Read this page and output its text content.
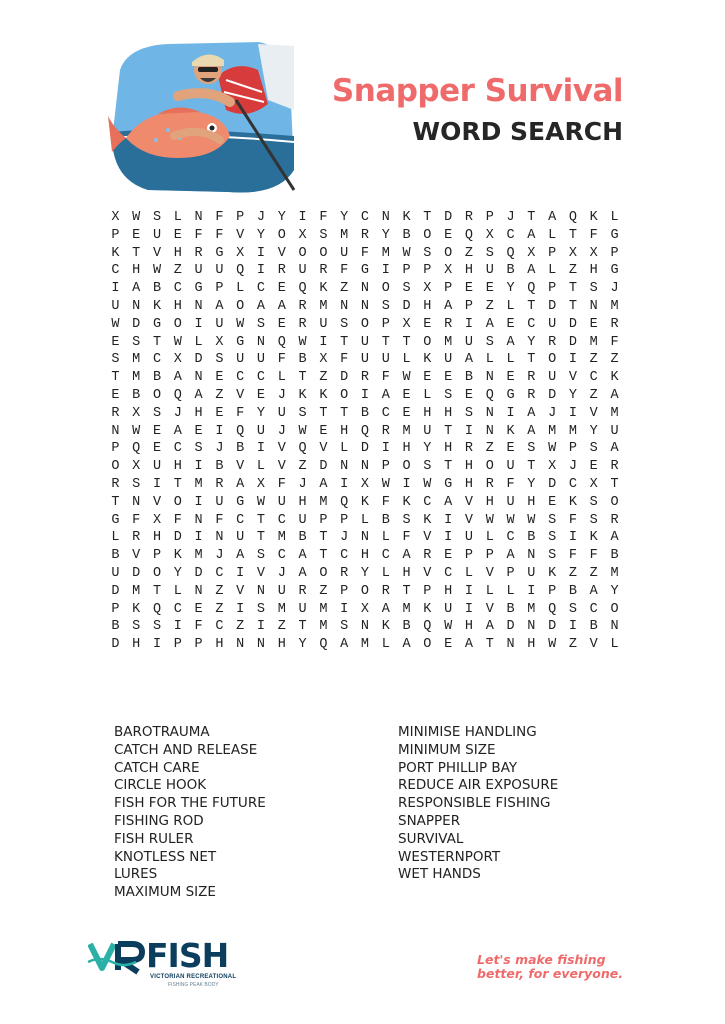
Snapper Survival
WORD SEARCH
X W S L N F P J Y I F Y C N K T D R P J T A Q K L
P E U E F F V Y O X S M R Y B O E Q X C A L T F G
K T V H R G X I V O O U F M W S O Z S Q X P X X P
C H W Z U U Q I R U R F G I P P X H U B A L Z H G
I A B C G P L C E Q K Z N O S X P E E Y Q P T S J
U N K H N A O A A R M N N S D H A P Z L T D T N M
W D G O I U W S E R U S O P X E R I A E C U D E R
E S T W L X G N Q W I T U T T O M U S A Y R D M F
S M C X D S U U F B X F U U L K U A L L T O I Z Z
T M B A N E C C L T Z D R F W E E B N E R U V C K
E B O Q A Z V E J K K O I A E L S E Q G R D Y Z A
R X S J H E F Y U S T T B C E H H S N I A J I V M
N W E A E I Q U J W E H Q R M U T I N K A M M Y U
P Q E C S J B I V Q V L D I H Y H R Z E S W P S A
O X U H I B V L V Z D N N P O S T H O U T X J E R
R S I T M R A X F J A I X W I W G H R F Y D C X T
T N V O I U G W U H M Q K F K C A V H U H E K S O
G F X F N F C T C U P P L B S K I V W W W S F S R
L R H D I N U T M B T J N L F V I U L C B S I K A
B V P K M J A S C A T C H C A R E P P A N S F F B
U D O Y D C I V J A O R Y L H V C L V P U K Z Z M
D M T L N Z V N U R Z P O R T P H I L L I P B A Y
P K Q C E Z I S M U M I X A M K U I V B M Q S C O
B S S I F C Z I Z T M S N K B Q W H A D N D I B N
D H I P P H N N H Y Q A M L A O E A T N H W Z V L
BAROTRAUMA
CATCH AND RELEASE
CATCH CARE
CIRCLE HOOK
FISH FOR THE FUTURE
FISHING ROD
FISH RULER
KNOTLESS NET
LURES
MAXIMUM SIZE
MINIMISE HANDLING
MINIMUM SIZE
PORT PHILLIP BAY
REDUCE AIR EXPOSURE
RESPONSIBLE FISHING
SNAPPER
SURVIVAL
WESTERNPORT
WET HANDS
FISH
VICTORIAN RECREATIONAL
FISHING PEAK BODY
Let's make fishing
better, for everyone.
